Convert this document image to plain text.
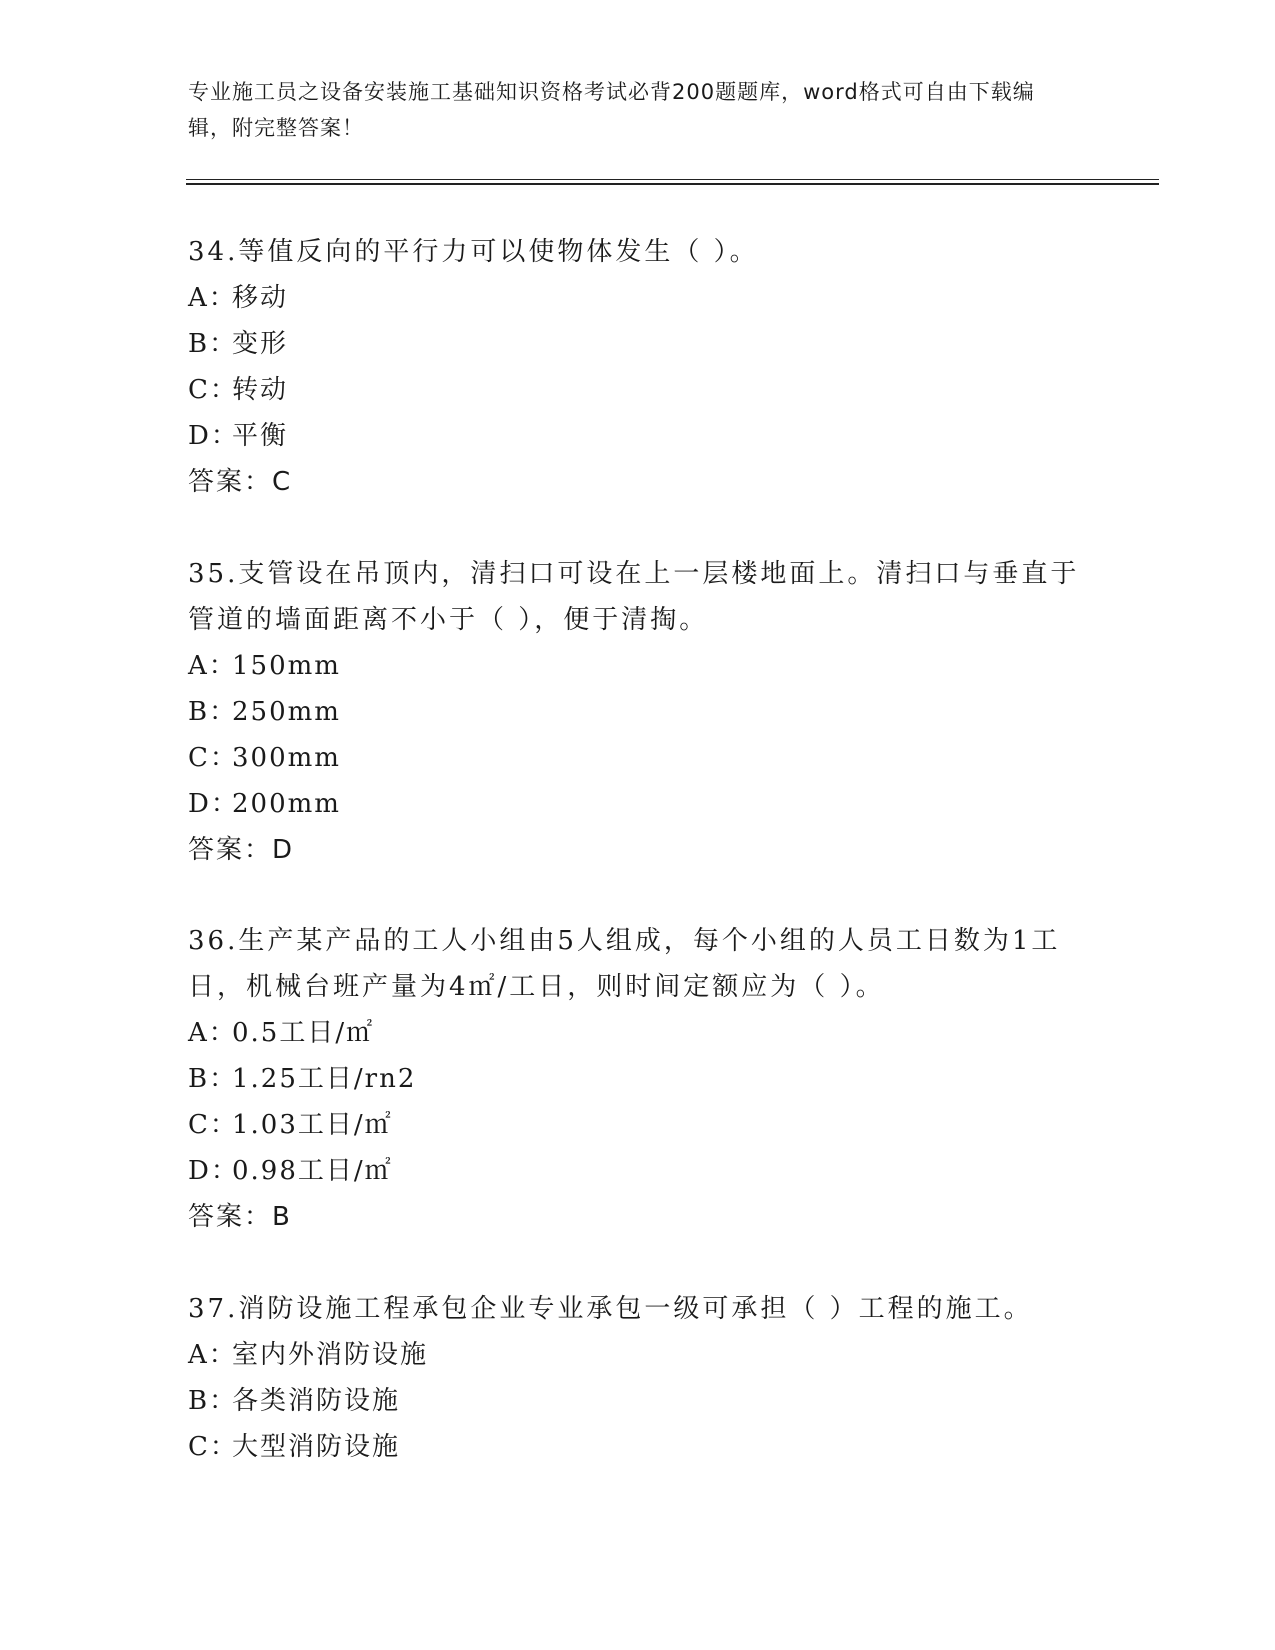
专业施工员之设备安装施工基础知识资格考试必背200题题库，word格式可自由下载编辑，附完整答案！

34.等值反向的平行力可以使物体发生（ ）。

A：移动

B：变形

C：转动

D：平衡

答案：C

35.支管设在吊顶内，清扫口可设在上一层楼地面上。清扫口与垂直于管道的墙面距离不小于（ ），便于清掏。

A：150mm

B：250mm

C：300mm

D：200mm

答案：D

36.生产某产品的工人小组由5人组成，每个小组的人员工日数为1工日，机械台班产量为4㎡/工日，则时间定额应为（ ）。

A：0.5工日/㎡

B：1.25工日/rn2

C：1.03工日/㎡

D：0.98工日/㎡

答案：B

37.消防设施工程承包企业专业承包一级可承担（ ）工程的施工。

A：室内外消防设施

B：各类消防设施

C：大型消防设施
